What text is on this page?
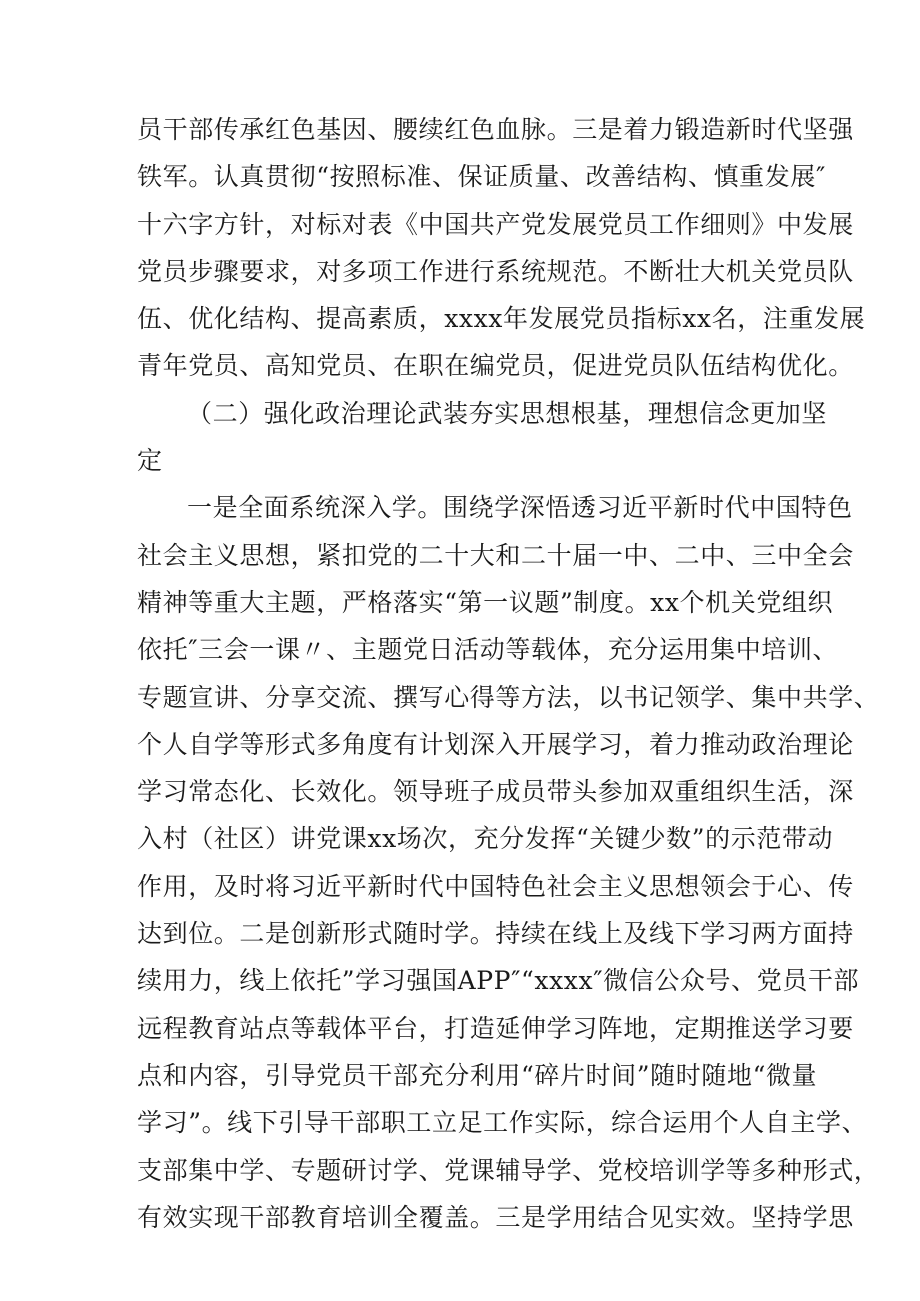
员干部传承红色基因、腰续红色血脉。三是着力锻造新时代坚强
铁军。认真贯彻“按照标准、保证质量、改善结构、慎重发展″
十六字方针，对标对表《中国共产党发展党员工作细则》中发展
党员步骤要求，对多项工作进行系统规范。不断壮大机关党员队
伍、优化结构、提高素质，xxxx年发展党员指标xx名，注重发展
青年党员、高知党员、在职在编党员，促进党员队伍结构优化。
（二）强化政治理论武装夯实思想根基，理想信念更加坚
定
一是全面系统深入学。围绕学深悟透习近平新时代中国特色
社会主义思想，紧扣党的二十大和二十届一中、二中、三中全会
精神等重大主题，严格落实“第一议题”制度。xx个机关党组织
依托″三会一课〃、主题党日活动等载体，充分运用集中培训、
专题宣讲、分享交流、撰写心得等方法，以书记领学、集中共学、
个人自学等形式多角度有计划深入开展学习，着力推动政治理论
学习常态化、长效化。领导班子成员带头参加双重组织生活，深
入村（社区）讲党课xx场次，充分发挥“关键少数”的示范带动
作用，及时将习近平新时代中国特色社会主义思想领会于心、传
达到位。二是创新形式随时学。持续在线上及线下学习两方面持
续用力，线上依托”学习强国APP″“xxxx″微信公众号、党员干部
远程教育站点等载体平台，打造延伸学习阵地，定期推送学习要
点和内容，引导党员干部充分利用“碎片时间”随时随地“微量
学习”。线下引导干部职工立足工作实际，综合运用个人自主学、
支部集中学、专题研讨学、党课辅导学、党校培训学等多种形式，
有效实现干部教育培训全覆盖。三是学用结合见实效。坚持学思
